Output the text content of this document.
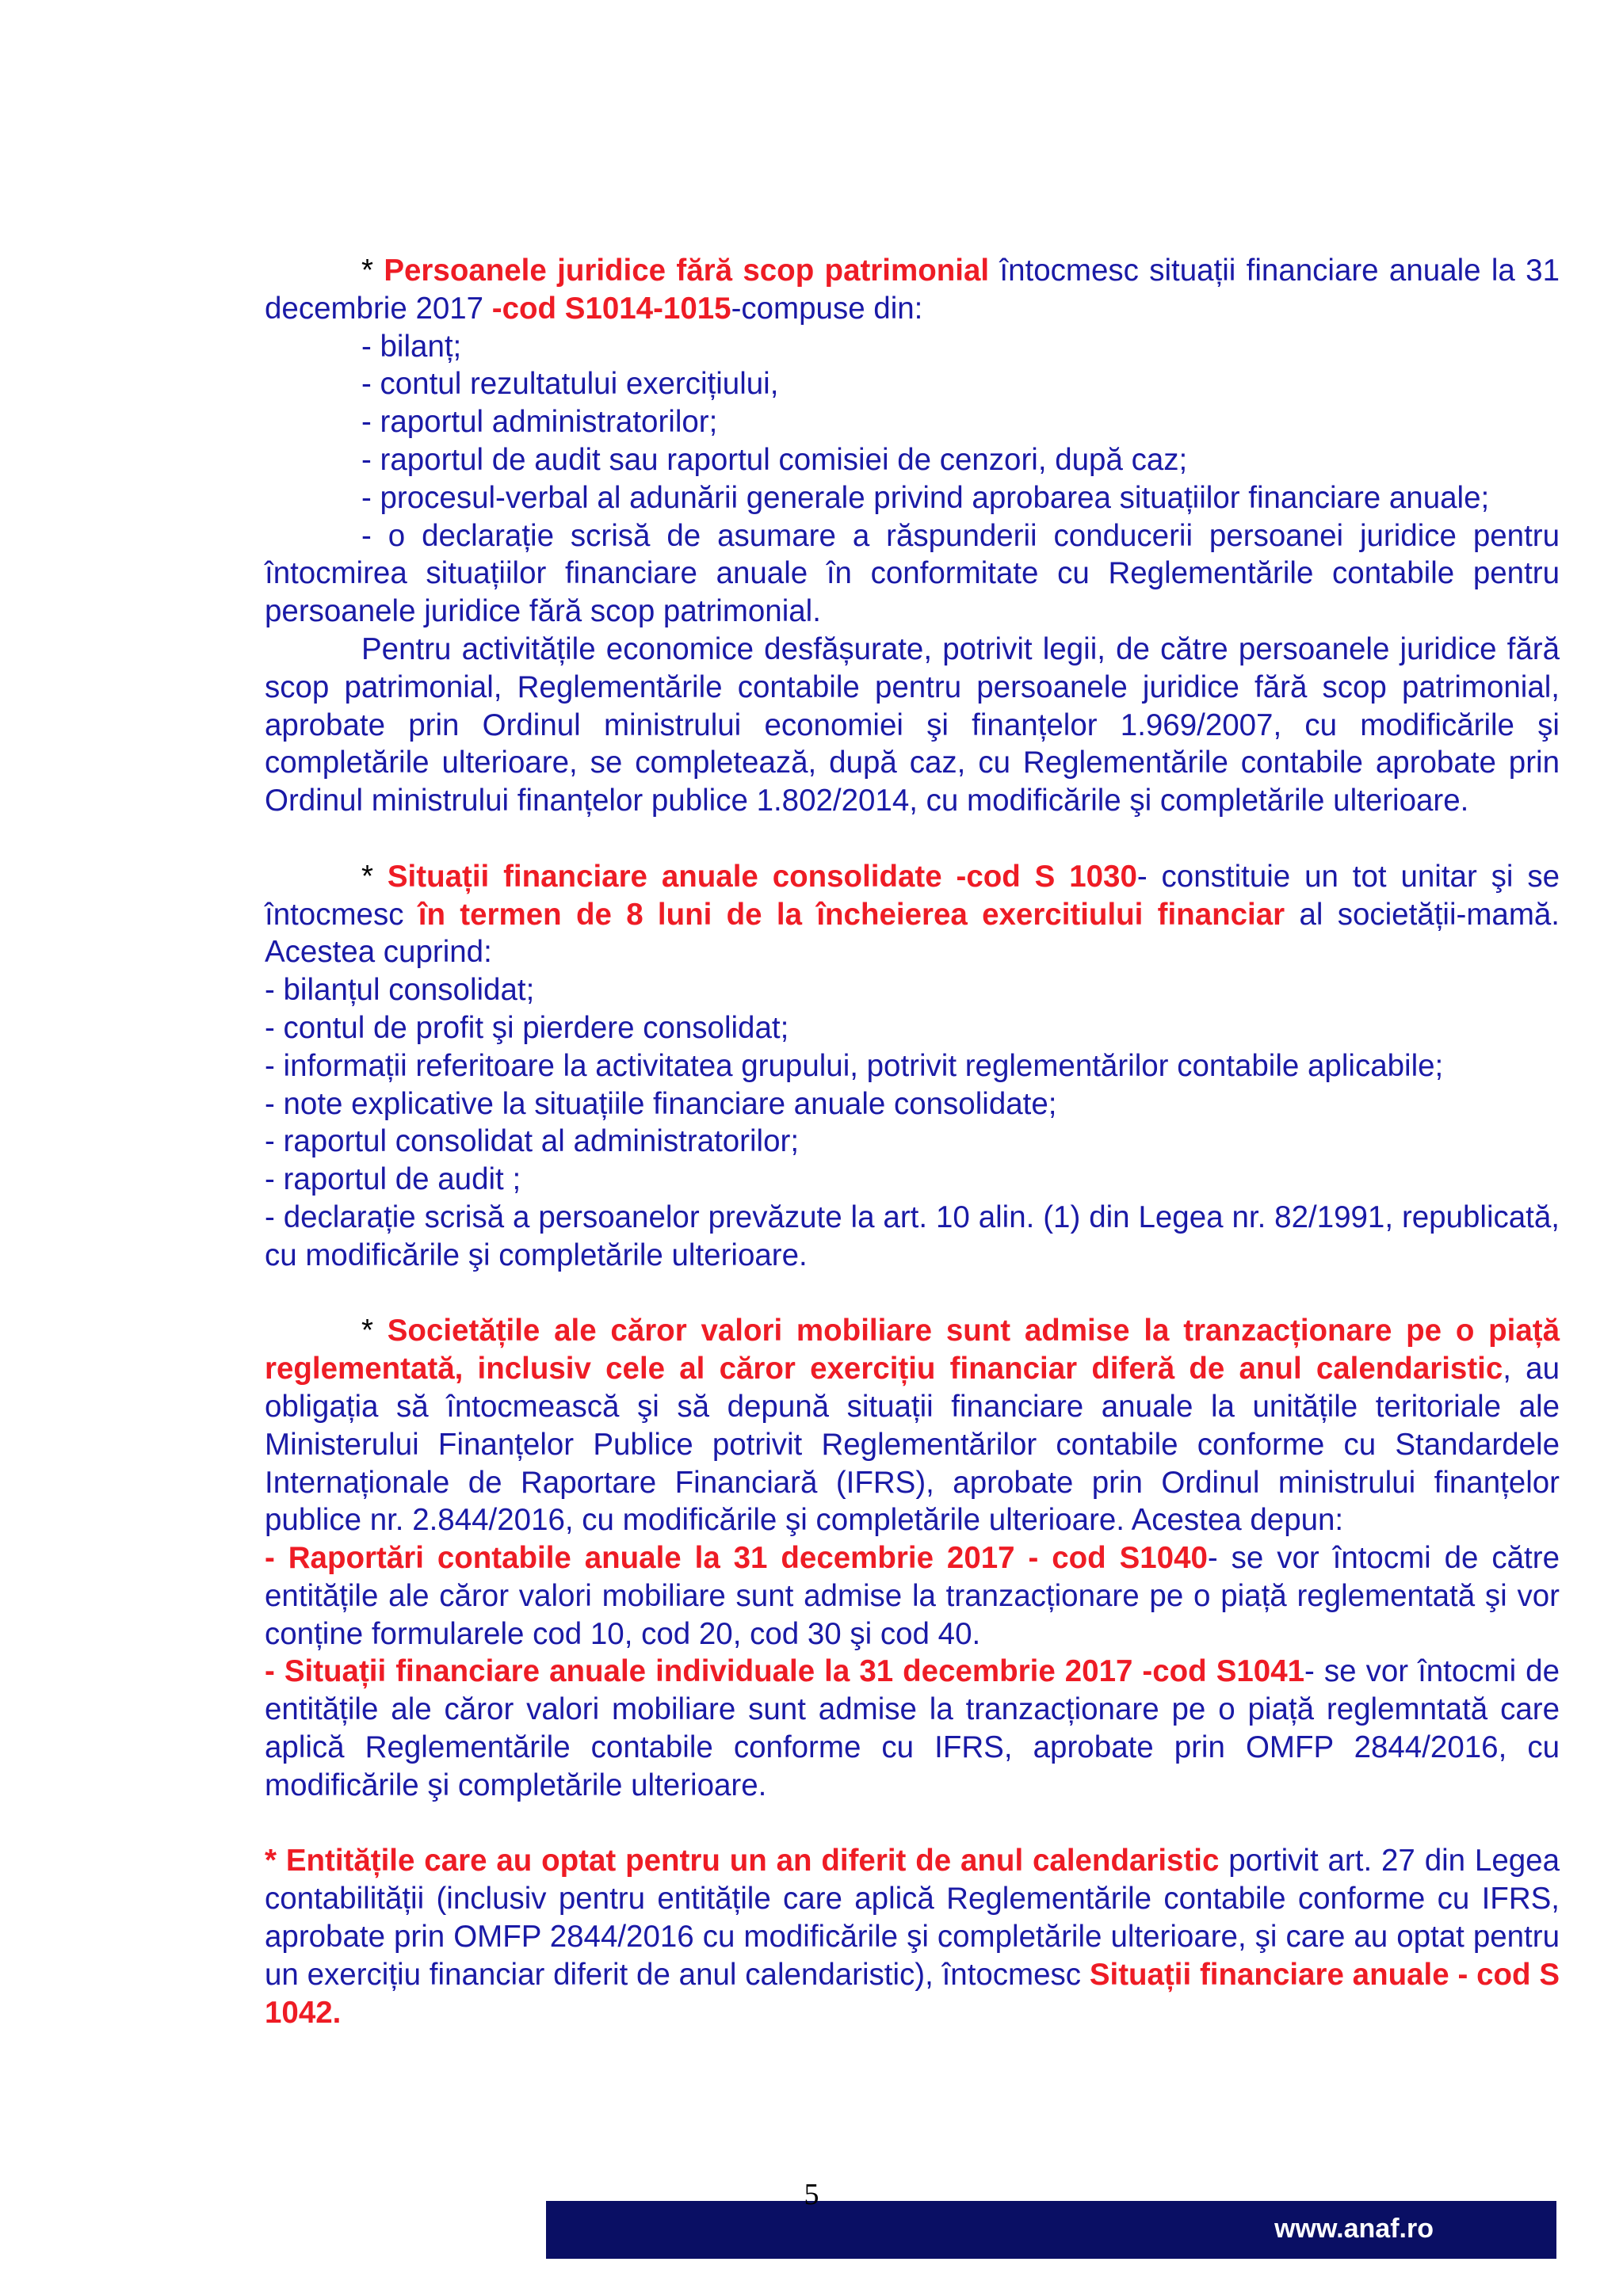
* Persoanele juridice fără scop patrimonial întocmesc situații financiare anuale la 31 decembrie 2017 -cod S1014-1015-compuse din:

- bilanț;

- contul rezultatului exercițiului,

- raportul administratorilor;

- raportul de audit sau raportul comisiei de cenzori, după caz;

- procesul-verbal al adunării generale privind aprobarea situațiilor financiare anuale;

- o declarație scrisă de asumare a răspunderii conducerii persoanei juridice pentru întocmirea situațiilor financiare anuale în conformitate cu Reglementările contabile pentru persoanele juridice fără scop patrimonial.

Pentru activitățile economice desfășurate, potrivit legii, de către persoanele juridice fără scop patrimonial, Reglementările contabile pentru persoanele juridice fără scop patrimonial, aprobate prin Ordinul ministrului economiei şi finanțelor 1.969/2007, cu modificările şi completările ulterioare, se completează, după caz, cu Reglementările contabile aprobate prin Ordinul ministrului finanțelor publice 1.802/2014, cu modificările şi completările ulterioare.

* Situații financiare anuale consolidate -cod S 1030- constituie un tot unitar şi se întocmesc în termen de 8 luni de la încheierea exercitiului financiar al societății-mamă. Acestea cuprind:

- bilanțul consolidat;

- contul de profit şi pierdere consolidat;

- informații referitoare la activitatea grupului, potrivit reglementărilor contabile aplicabile;

- note explicative la situațiile financiare anuale consolidate;

- raportul consolidat al administratorilor;

- raportul de audit ;

- declarație scrisă a persoanelor prevăzute la art. 10 alin. (1) din Legea nr. 82/1991, republicată, cu modificările şi completările ulterioare.

* Societățile ale căror valori mobiliare sunt admise la tranzacționare pe o piață reglementată, inclusiv cele al căror exercițiu financiar diferă de anul calendaristic, au obligația să întocmească şi să depună situații financiare anuale la unitățile teritoriale ale Ministerului Finanțelor Publice potrivit Reglementărilor contabile conforme cu Standardele Internaționale de Raportare Financiară (IFRS), aprobate prin Ordinul ministrului finanțelor publice nr. 2.844/2016, cu modificările şi completările ulterioare. Acestea depun:

- Raportări contabile anuale la 31 decembrie 2017 - cod S1040- se vor întocmi de către entitățile ale căror valori mobiliare sunt admise la tranzacționare pe o piață reglementată şi vor conține formularele cod 10, cod 20, cod 30 şi cod 40.

- Situații financiare anuale individuale la 31 decembrie 2017 -cod S1041- se vor întocmi de entitățile ale căror valori mobiliare sunt admise la tranzacționare pe o piață reglemntată care aplică Reglementările contabile conforme cu IFRS, aprobate prin OMFP 2844/2016, cu modificările şi completările ulterioare.

* Entitățile care au optat pentru un an diferit de anul calendaristic portivit art. 27 din Legea contabilității (inclusiv pentru entitățile care aplică Reglementările contabile conforme cu IFRS, aprobate prin OMFP 2844/2016 cu modificările şi completările ulterioare, şi care au optat pentru un exercițiu financiar diferit de anul calendaristic), întocmesc Situații financiare anuale - cod S 1042.

5
www.anaf.ro
